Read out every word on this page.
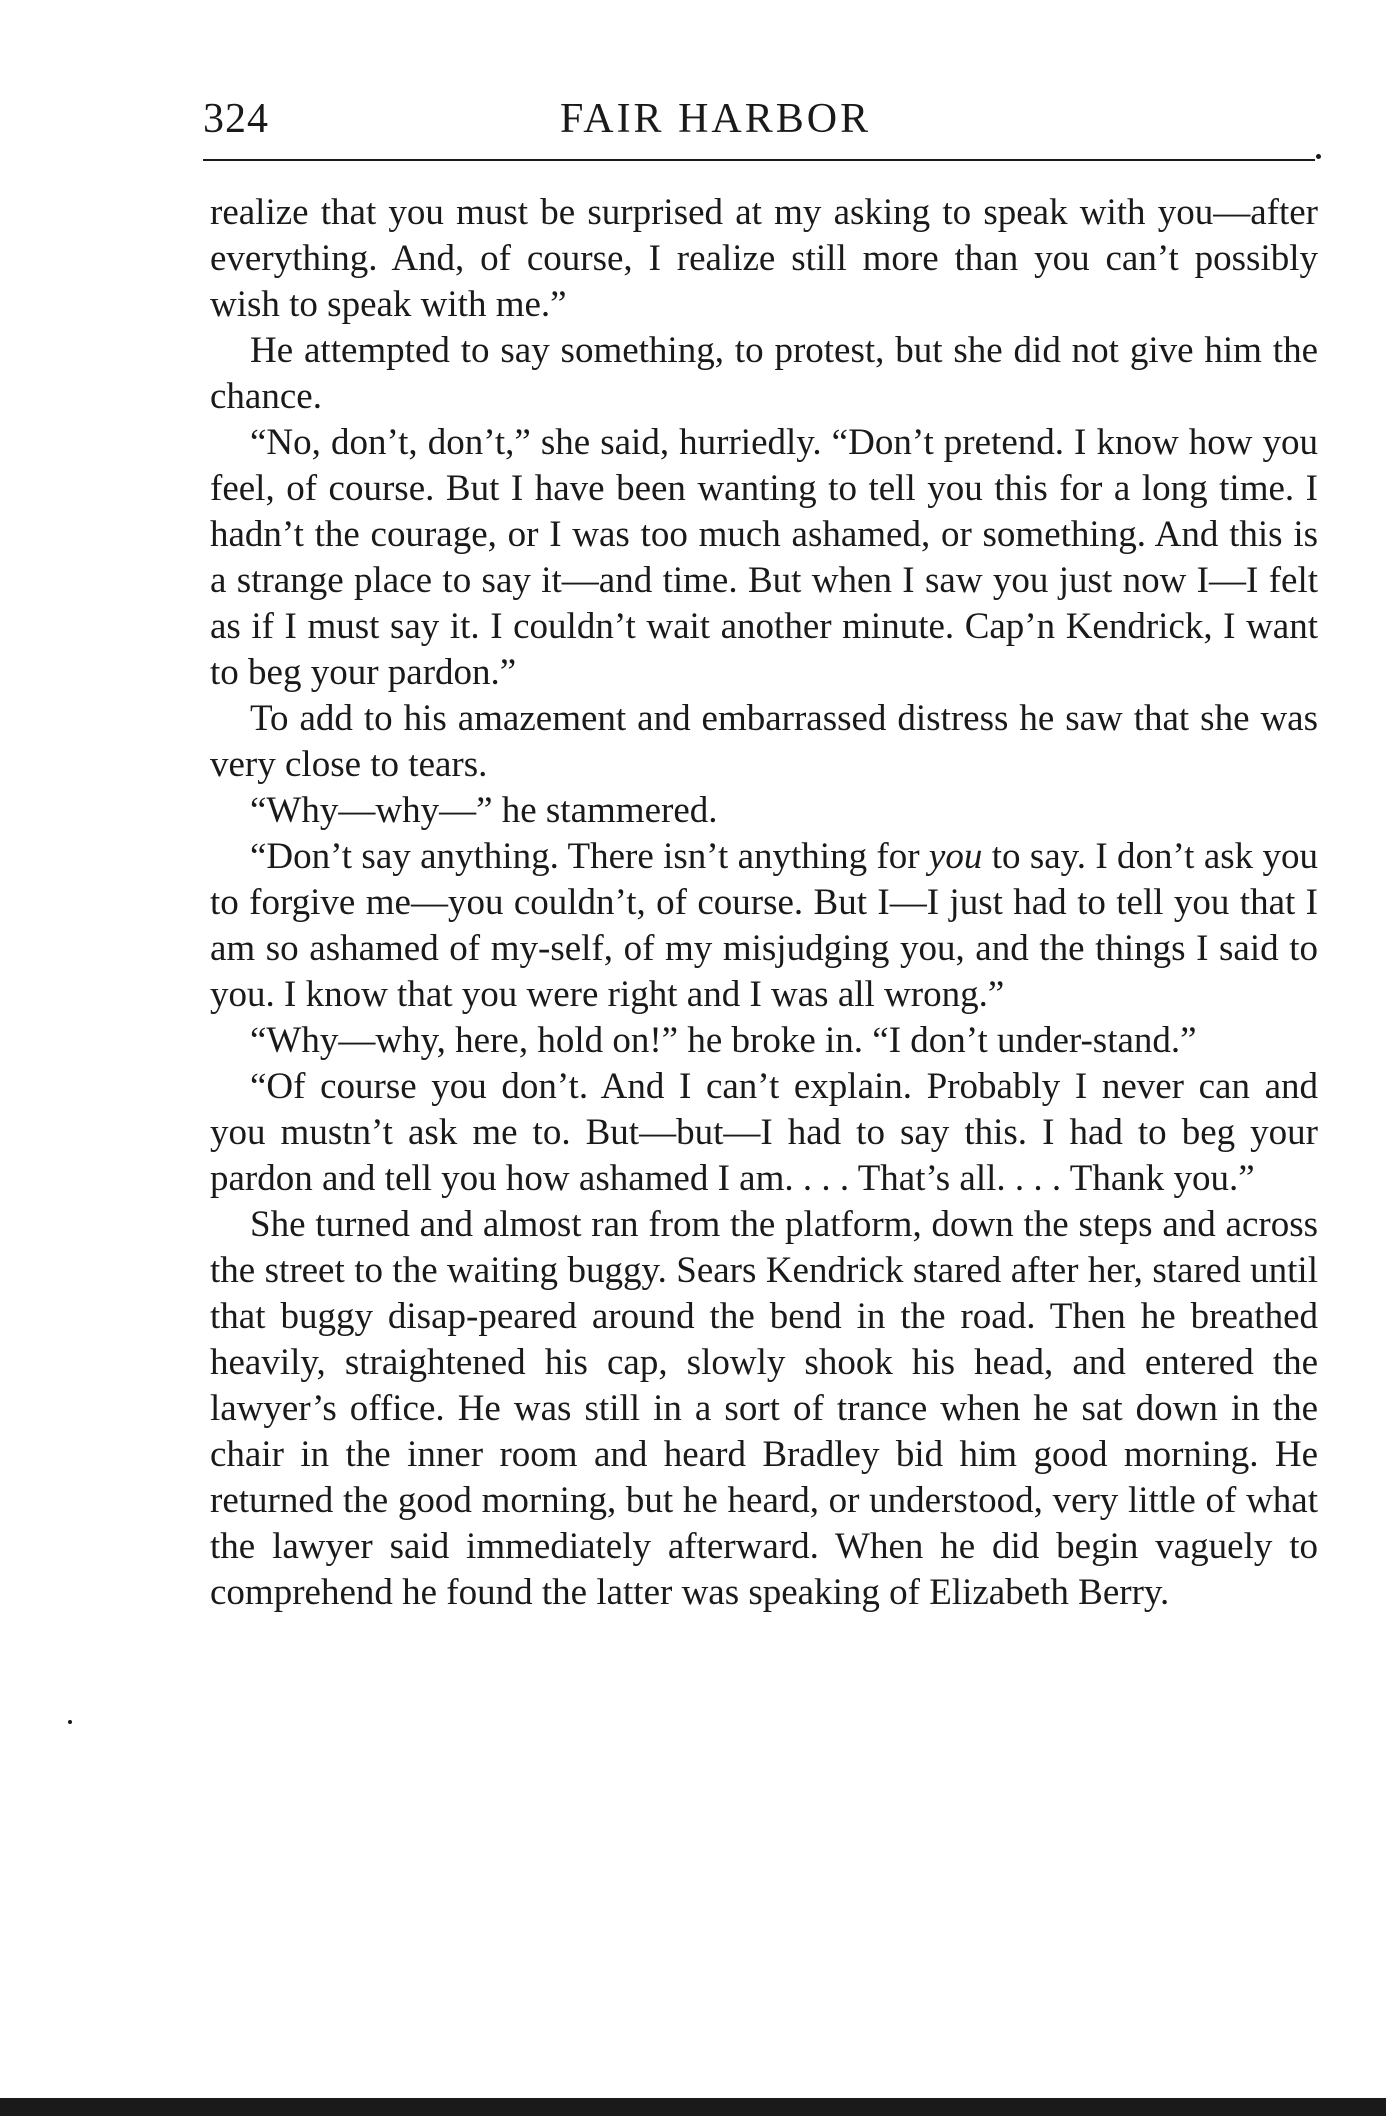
324	FAIR HARBOR

realize that you must be surprised at my asking to speak with you—after everything. And, of course, I realize still more than you can’t possibly wish to speak with me.”

He attempted to say something, to protest, but she did not give him the chance.

“No, don’t, don’t,” she said, hurriedly. “Don’t pretend. I know how you feel, of course. But I have been wanting to tell you this for a long time. I hadn’t the courage, or I was too much ashamed, or something. And this is a strange place to say it—and time. But when I saw you just now I—I felt as if I must say it. I couldn’t wait another minute. Cap’n Kendrick, I want to beg your pardon.”

To add to his amazement and embarrassed distress he saw that she was very close to tears.

“Why—why—” he stammered.

“Don’t say anything. There isn’t anything for you to say. I don’t ask you to forgive me—you couldn’t, of course. But I—I just had to tell you that I am so ashamed of my-self, of my misjudging you, and the things I said to you. I know that you were right and I was all wrong.”

“Why—why, here, hold on!” he broke in. “I don’t under-stand.”

“Of course you don’t. And I can’t explain. Probably I never can and you mustn’t ask me to. But—but—I had to say this. I had to beg your pardon and tell you how ashamed I am. . . . That’s all. . . . Thank you.”

She turned and almost ran from the platform, down the steps and across the street to the waiting buggy. Sears Kendrick stared after her, stared until that buggy disap-peared around the bend in the road. Then he breathed heavily, straightened his cap, slowly shook his head, and entered the lawyer’s office. He was still in a sort of trance when he sat down in the chair in the inner room and heard Bradley bid him good morning. He returned the good morning, but he heard, or understood, very little of what the lawyer said immediately afterward. When he did begin vaguely to comprehend he found the latter was speaking of Elizabeth Berry.
